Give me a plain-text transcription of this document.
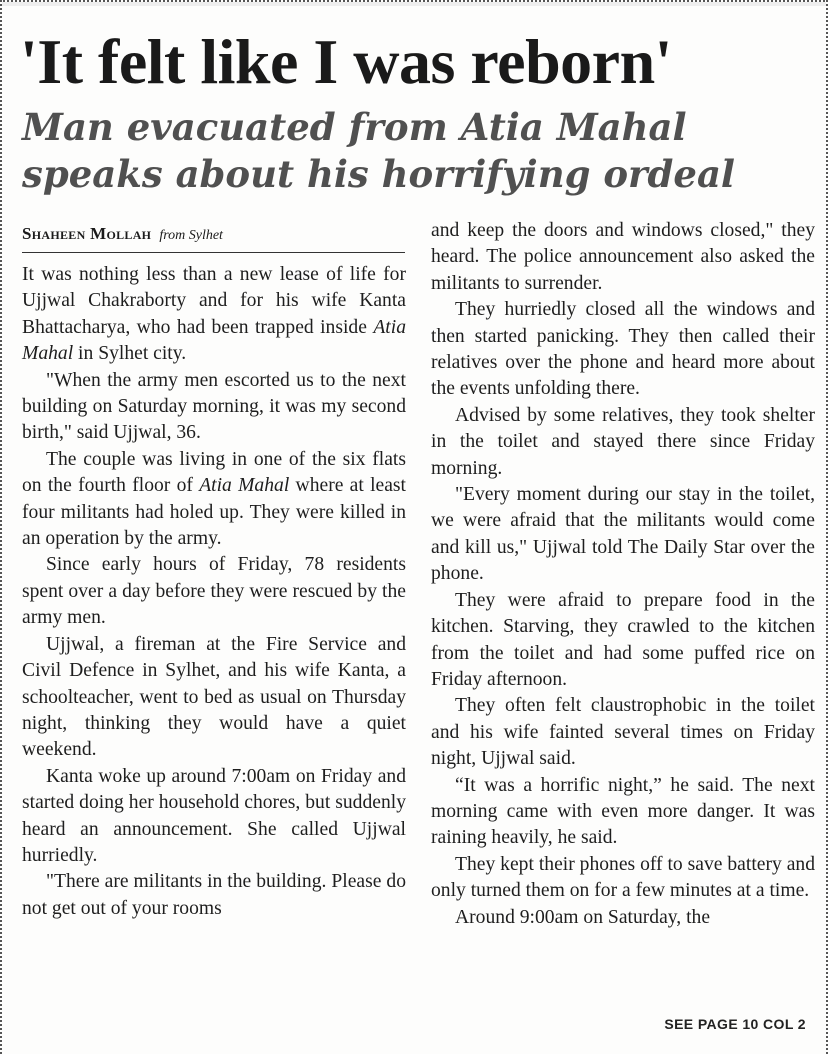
'It felt like I was reborn'
Man evacuated from Atia Mahal speaks about his horrifying ordeal
Shaheen Mollah from Sylhet

It was nothing less than a new lease of life for Ujjwal Chakraborty and for his wife Kanta Bhattacharya, who had been trapped inside Atia Mahal in Sylhet city.

"When the army men escorted us to the next building on Saturday morning, it was my second birth," said Ujjwal, 36.

The couple was living in one of the six flats on the fourth floor of Atia Mahal where at least four militants had holed up. They were killed in an operation by the army.

Since early hours of Friday, 78 residents spent over a day before they were rescued by the army men.

Ujjwal, a fireman at the Fire Service and Civil Defence in Sylhet, and his wife Kanta, a schoolteacher, went to bed as usual on Thursday night, thinking they would have a quiet weekend.

Kanta woke up around 7:00am on Friday and started doing her household chores, but suddenly heard an announcement. She called Ujjwal hurriedly.

"There are militants in the building. Please do not get out of your rooms

and keep the doors and windows closed," they heard. The police announcement also asked the militants to surrender.

They hurriedly closed all the windows and then started panicking. They then called their relatives over the phone and heard more about the events unfolding there.

Advised by some relatives, they took shelter in the toilet and stayed there since Friday morning.

"Every moment during our stay in the toilet, we were afraid that the militants would come and kill us," Ujjwal told The Daily Star over the phone.

They were afraid to prepare food in the kitchen. Starving, they crawled to the kitchen from the toilet and had some puffed rice on Friday afternoon.

They often felt claustrophobic in the toilet and his wife fainted several times on Friday night, Ujjwal said.

“It was a horrific night,” he said. The next morning came with even more danger. It was raining heavily, he said.

They kept their phones off to save battery and only turned them on for a few minutes at a time.

Around 9:00am on Saturday, the

SEE PAGE 10 COL 2
